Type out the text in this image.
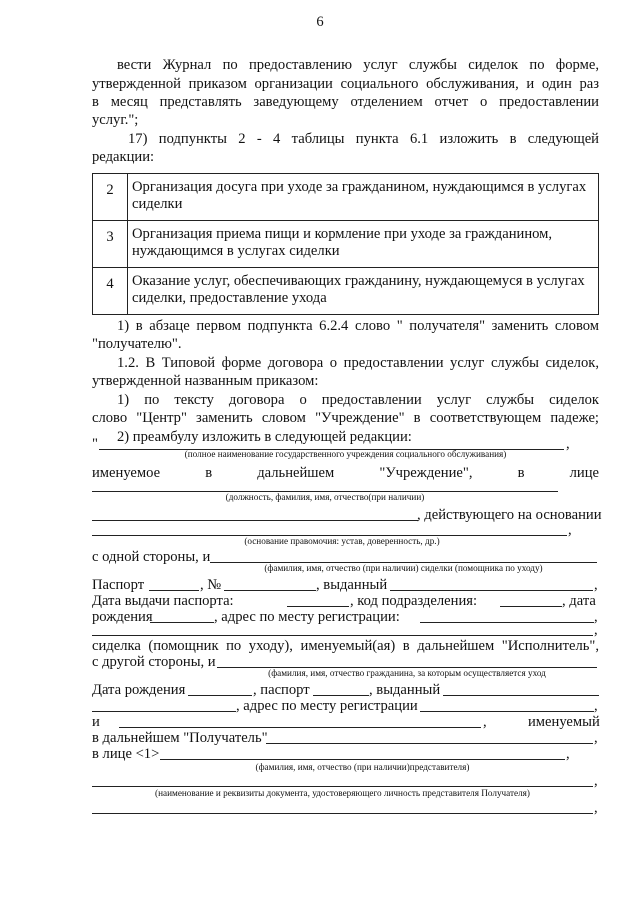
6
вести Журнал по предоставлению услуг службы сиделок по форме,
утвержденной приказом организации социального обслуживания, и один раз
в месяц представлять заведующему отделением отчет о предоставлении
услуг.";
17) подпункты 2 - 4 таблицы пункта 6.1 изложить в следующей
редакции:
2	Организация досуга при уходе за гражданином, нуждающимся в услугах сиделки
3	Организация приема пищи и кормление при уходе за гражданином, нуждающимся в услугах сиделки
4	Оказание услуг, обеспечивающих гражданину, нуждающемуся в услугах сиделки, предоставление ухода
1) в абзаце первом подпункта 6.2.4 слово " получателя" заменить словом
"получателю".
1.2. В Типовой форме договора о предоставлении услуг службы сиделок,
утвержденной названным приказом:
1) по тексту договора о предоставлении услуг службы сиделок
слово "Центр" заменить словом "Учреждение" в соответствующем падеже;
2) преамбулу изложить в следующей редакции:
"	,
(полное наименование государственного учреждения социального обслуживания)
именуемое в дальнейшем "Учреждение", в лице
(должность, фамилия, имя, отчество(при наличии)
, действующего на основании
,
(основание правомочия: устав, доверенность, др.)
с одной стороны, и
(фамилия, имя, отчество (при наличии) сиделки (помощника по уходу)
Паспорт	, №	, выданный	,
Дата выдачи паспорта:	, код подразделения:	, дата
рождения	, адрес по месту регистрации:	,
,
сиделка (помощник по уходу), именуемый(ая) в дальнейшем "Исполнитель",
с другой стороны, и
(фамилия, имя, отчество гражданина, за которым осуществляется уход
Дата рождения	, паспорт	, выданный
, адрес по месту регистрации	,
и	,	именуемый
в дальнейшем "Получатель"	,
в лице <1>	,
(фамилия, имя, отчество (при наличии)представителя)
,
(наименование и реквизиты документа, удостоверяющего личность представителя Получателя)
,
